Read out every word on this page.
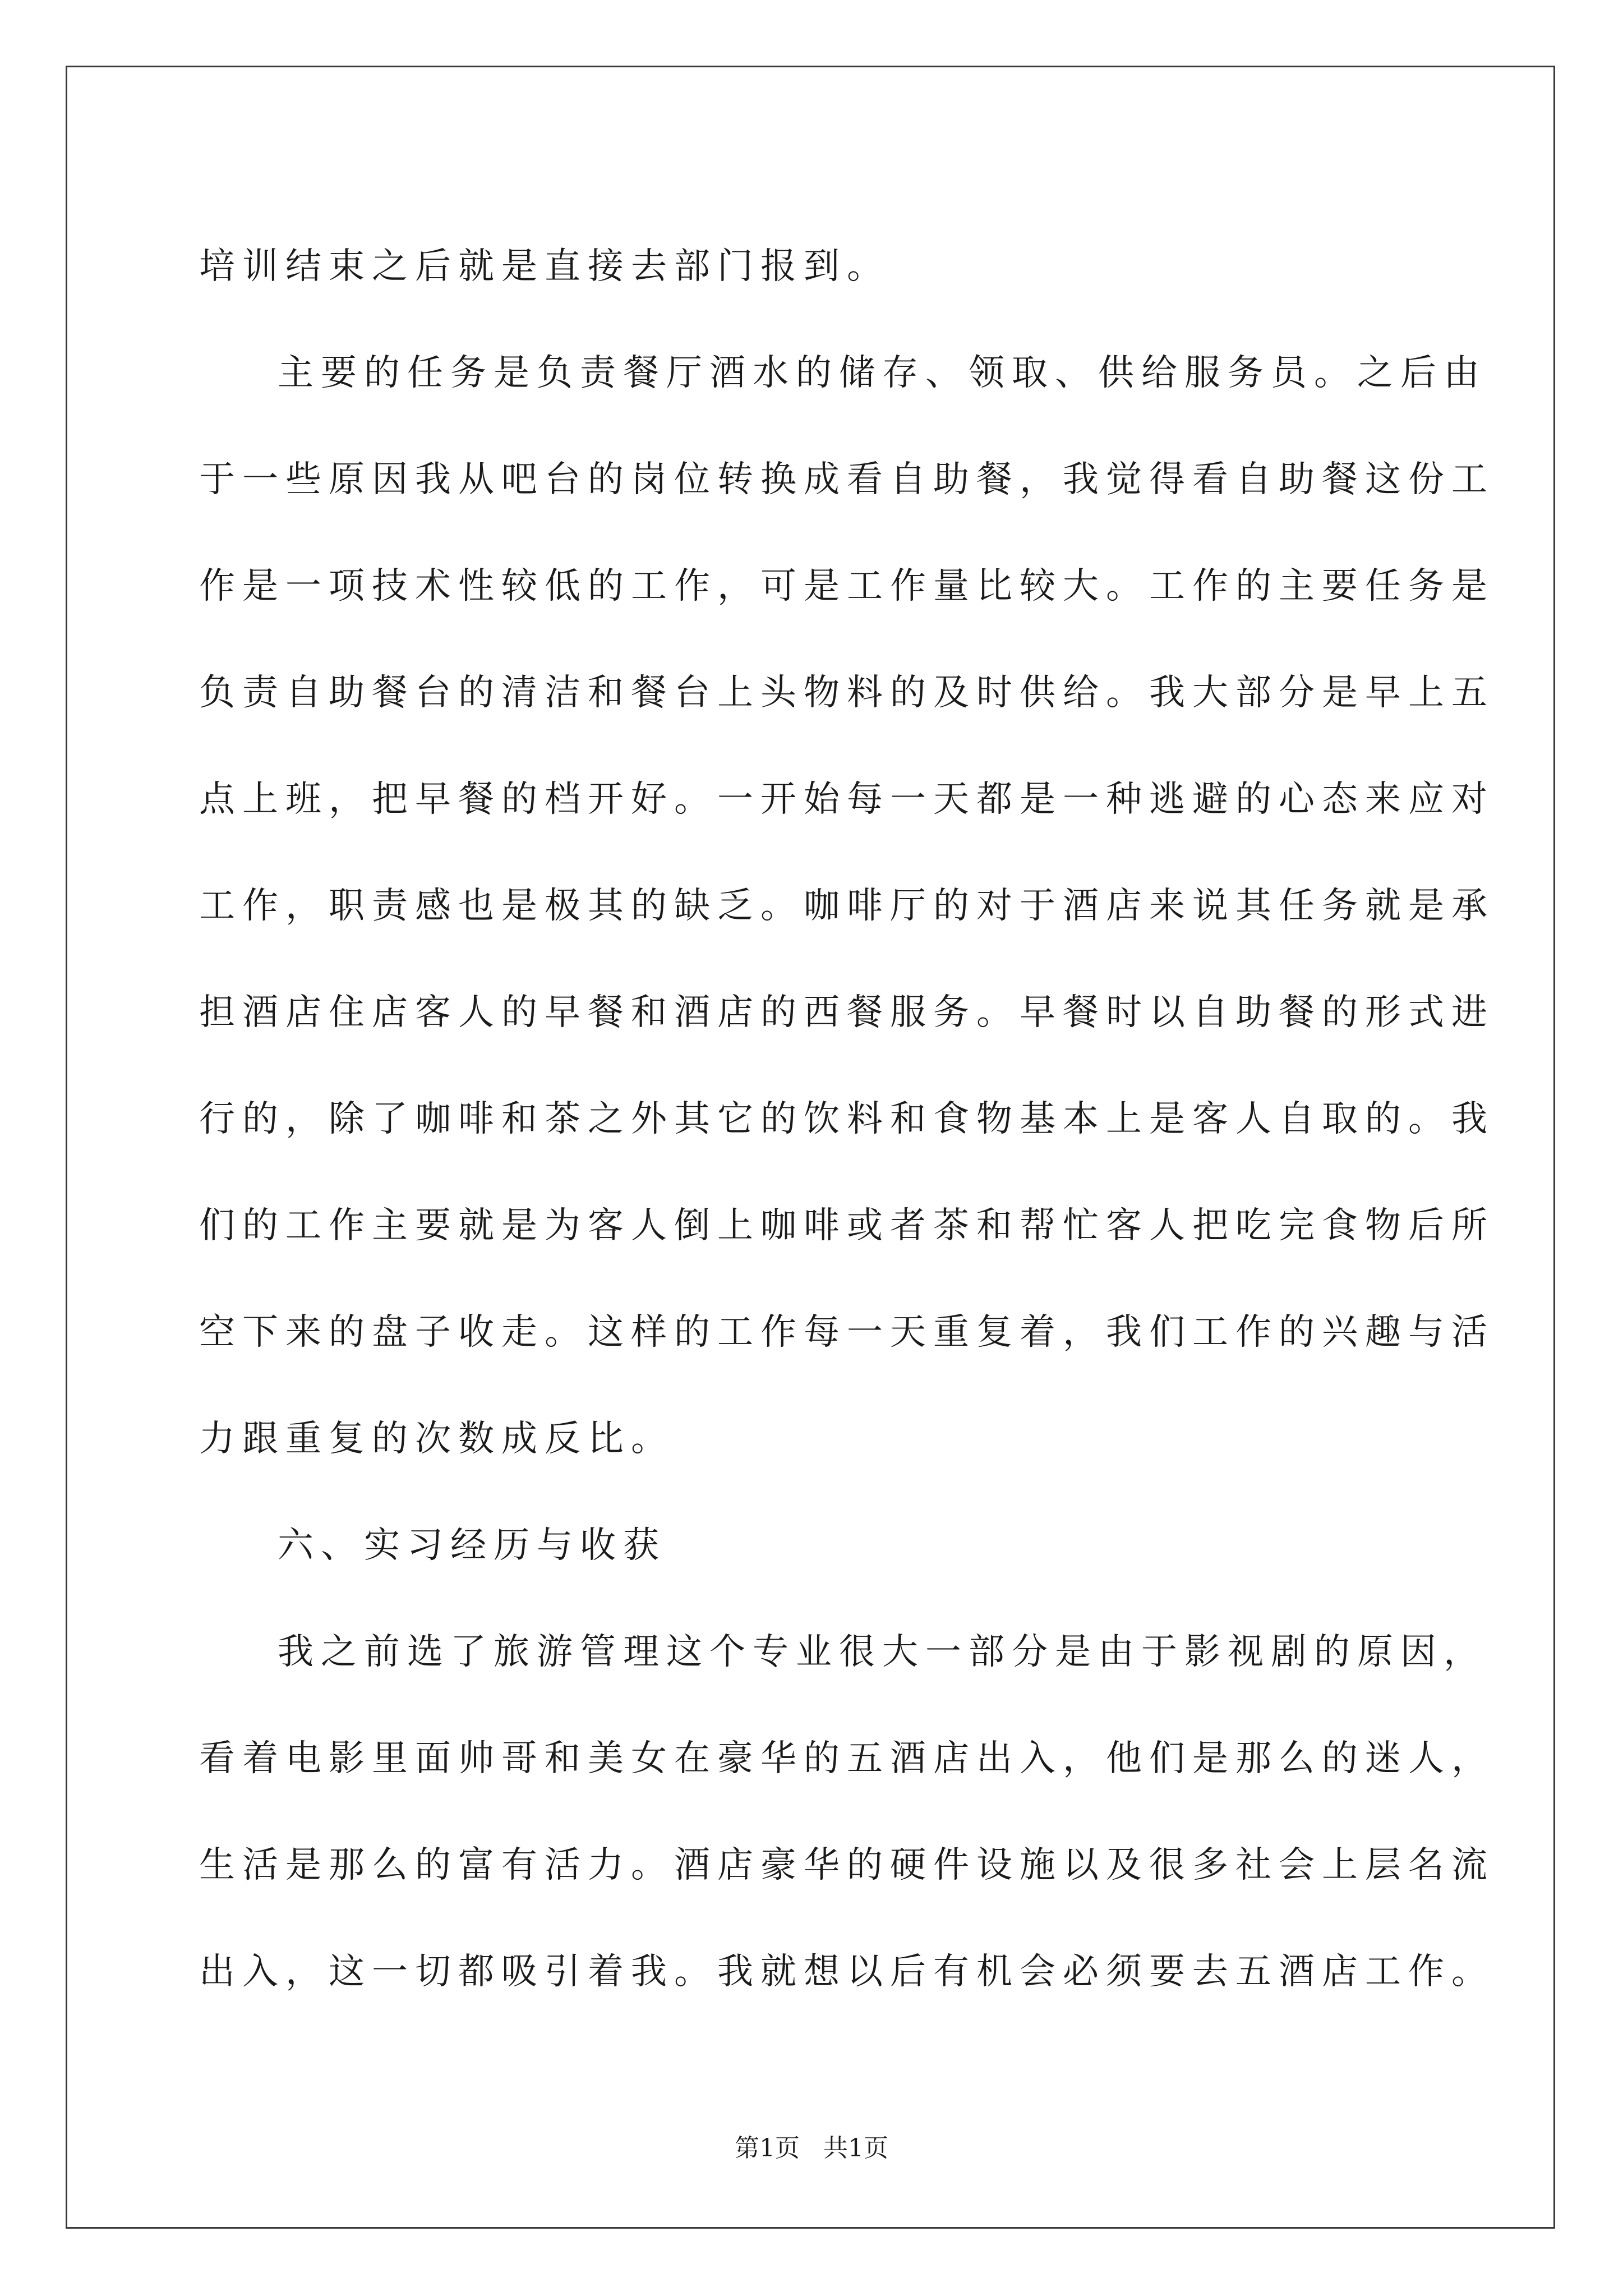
培训结束之后就是直接去部门报到。
主要的任务是负责餐厅酒水的储存、领取、供给服务员。之后由
于一些原因我从吧台的岗位转换成看自助餐，我觉得看自助餐这份工
作是一项技术性较低的工作，可是工作量比较大。工作的主要任务是
负责自助餐台的清洁和餐台上头物料的及时供给。我大部分是早上五
点上班，把早餐的档开好。一开始每一天都是一种逃避的心态来应对
工作，职责感也是极其的缺乏。咖啡厅的对于酒店来说其任务就是承
担酒店住店客人的早餐和酒店的西餐服务。早餐时以自助餐的形式进
行的，除了咖啡和茶之外其它的饮料和食物基本上是客人自取的。我
们的工作主要就是为客人倒上咖啡或者茶和帮忙客人把吃完食物后所
空下来的盘子收走。这样的工作每一天重复着，我们工作的兴趣与活
力跟重复的次数成反比。
六、实习经历与收获
我之前选了旅游管理这个专业很大一部分是由于影视剧的原因，
看着电影里面帅哥和美女在豪华的五酒店出入，他们是那么的迷人，
生活是那么的富有活力。酒店豪华的硬件设施以及很多社会上层名流
出入，这一切都吸引着我。我就想以后有机会必须要去五酒店工作。
第1页 共1页
